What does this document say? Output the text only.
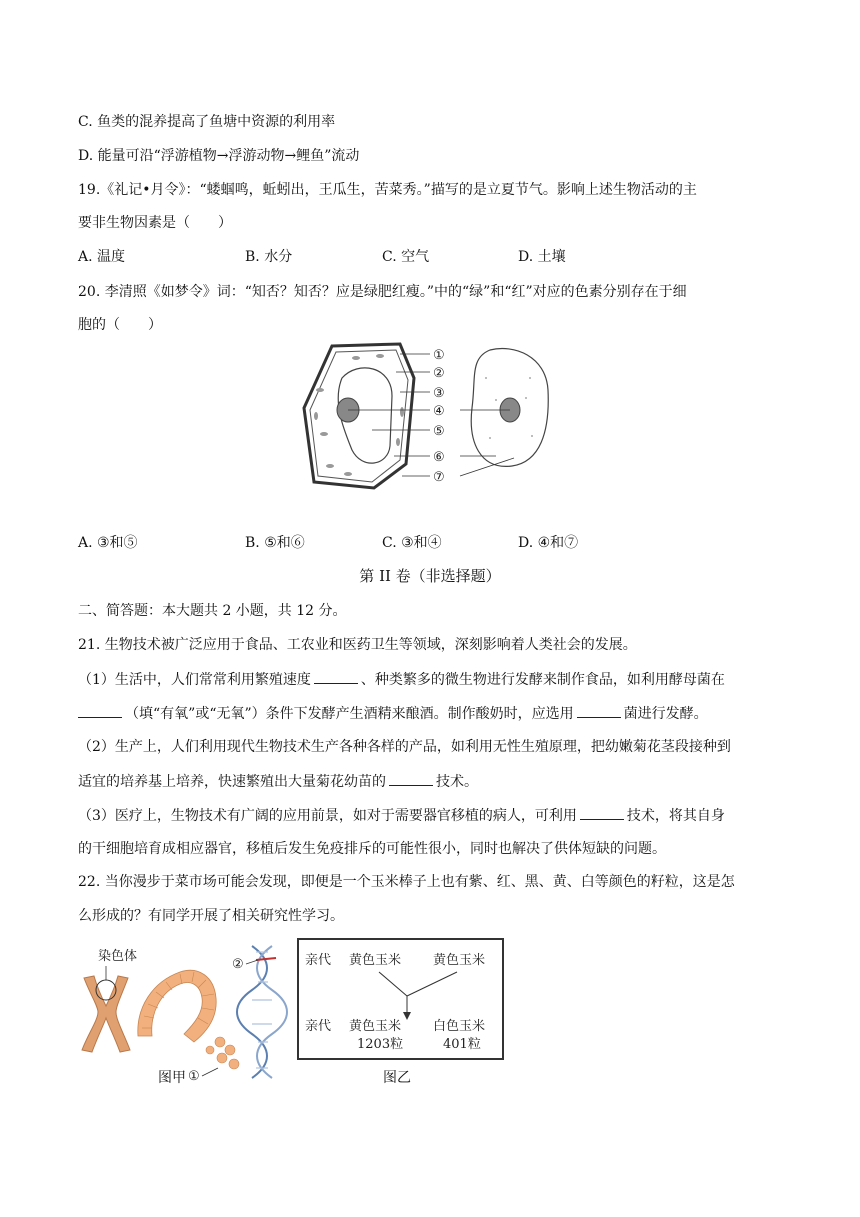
C. 鱼类的混养提高了鱼塘中资源的利用率
D. 能量可沿“浮游植物→浮游动物→鲤鱼”流动
19.《礼记•月令》：“蝼蝈鸣，蚯蚓出，王瓜生，苦菜秀。”描写的是立夏节气。影响上述生物活动的主
要非生物因素是（　　）
A. 温度	B. 水分	C. 空气	D. 土壤
20. 李清照《如梦令》词：“知否？知否？应是绿肥红瘦。”中的“绿”和“红”对应的色素分别存在于细
胞的（　　）
①
②
③
④
⑤
⑥
⑦
A. ③和⑤	B. ⑤和⑥	C. ③和④	D. ④和⑦
第 II 卷（非选择题）
二、简答题：本大题共 2 小题，共 12 分。
21. 生物技术被广泛应用于食品、工农业和医药卫生等领域，深刻影响着人类社会的发展。
（1）生活中，人们常常利用繁殖速度	、种类繁多的微生物进行发酵来制作食品，如利用酵母菌在
（填“有氧”或“无氧”）条件下发酵产生酒精来酿酒。制作酸奶时，应选用	菌进行发酵。
（2）生产上，人们利用现代生物技术生产各种各样的产品，如利用无性生殖原理，把幼嫩菊花茎段接种到
适宜的培养基上培养，快速繁殖出大量菊花幼苗的	技术。
（3）医疗上，生物技术有广阔的应用前景，如对于需要器官移植的病人，可利用	技术，将其自身
的干细胞培育成相应器官，移植后发生免疫排斥的可能性很小，同时也解决了供体短缺的问题。
22. 当你漫步于菜市场可能会发现，即便是一个玉米棒子上也有紫、红、黑、黄、白等颜色的籽粒，这是怎
么形成的？有同学开展了相关研究性学习。
染色体
①
②
图甲
亲代 黄色玉米 黄色玉米
亲代 黄色玉米
1203粒
白色玉米
401粒
图乙
